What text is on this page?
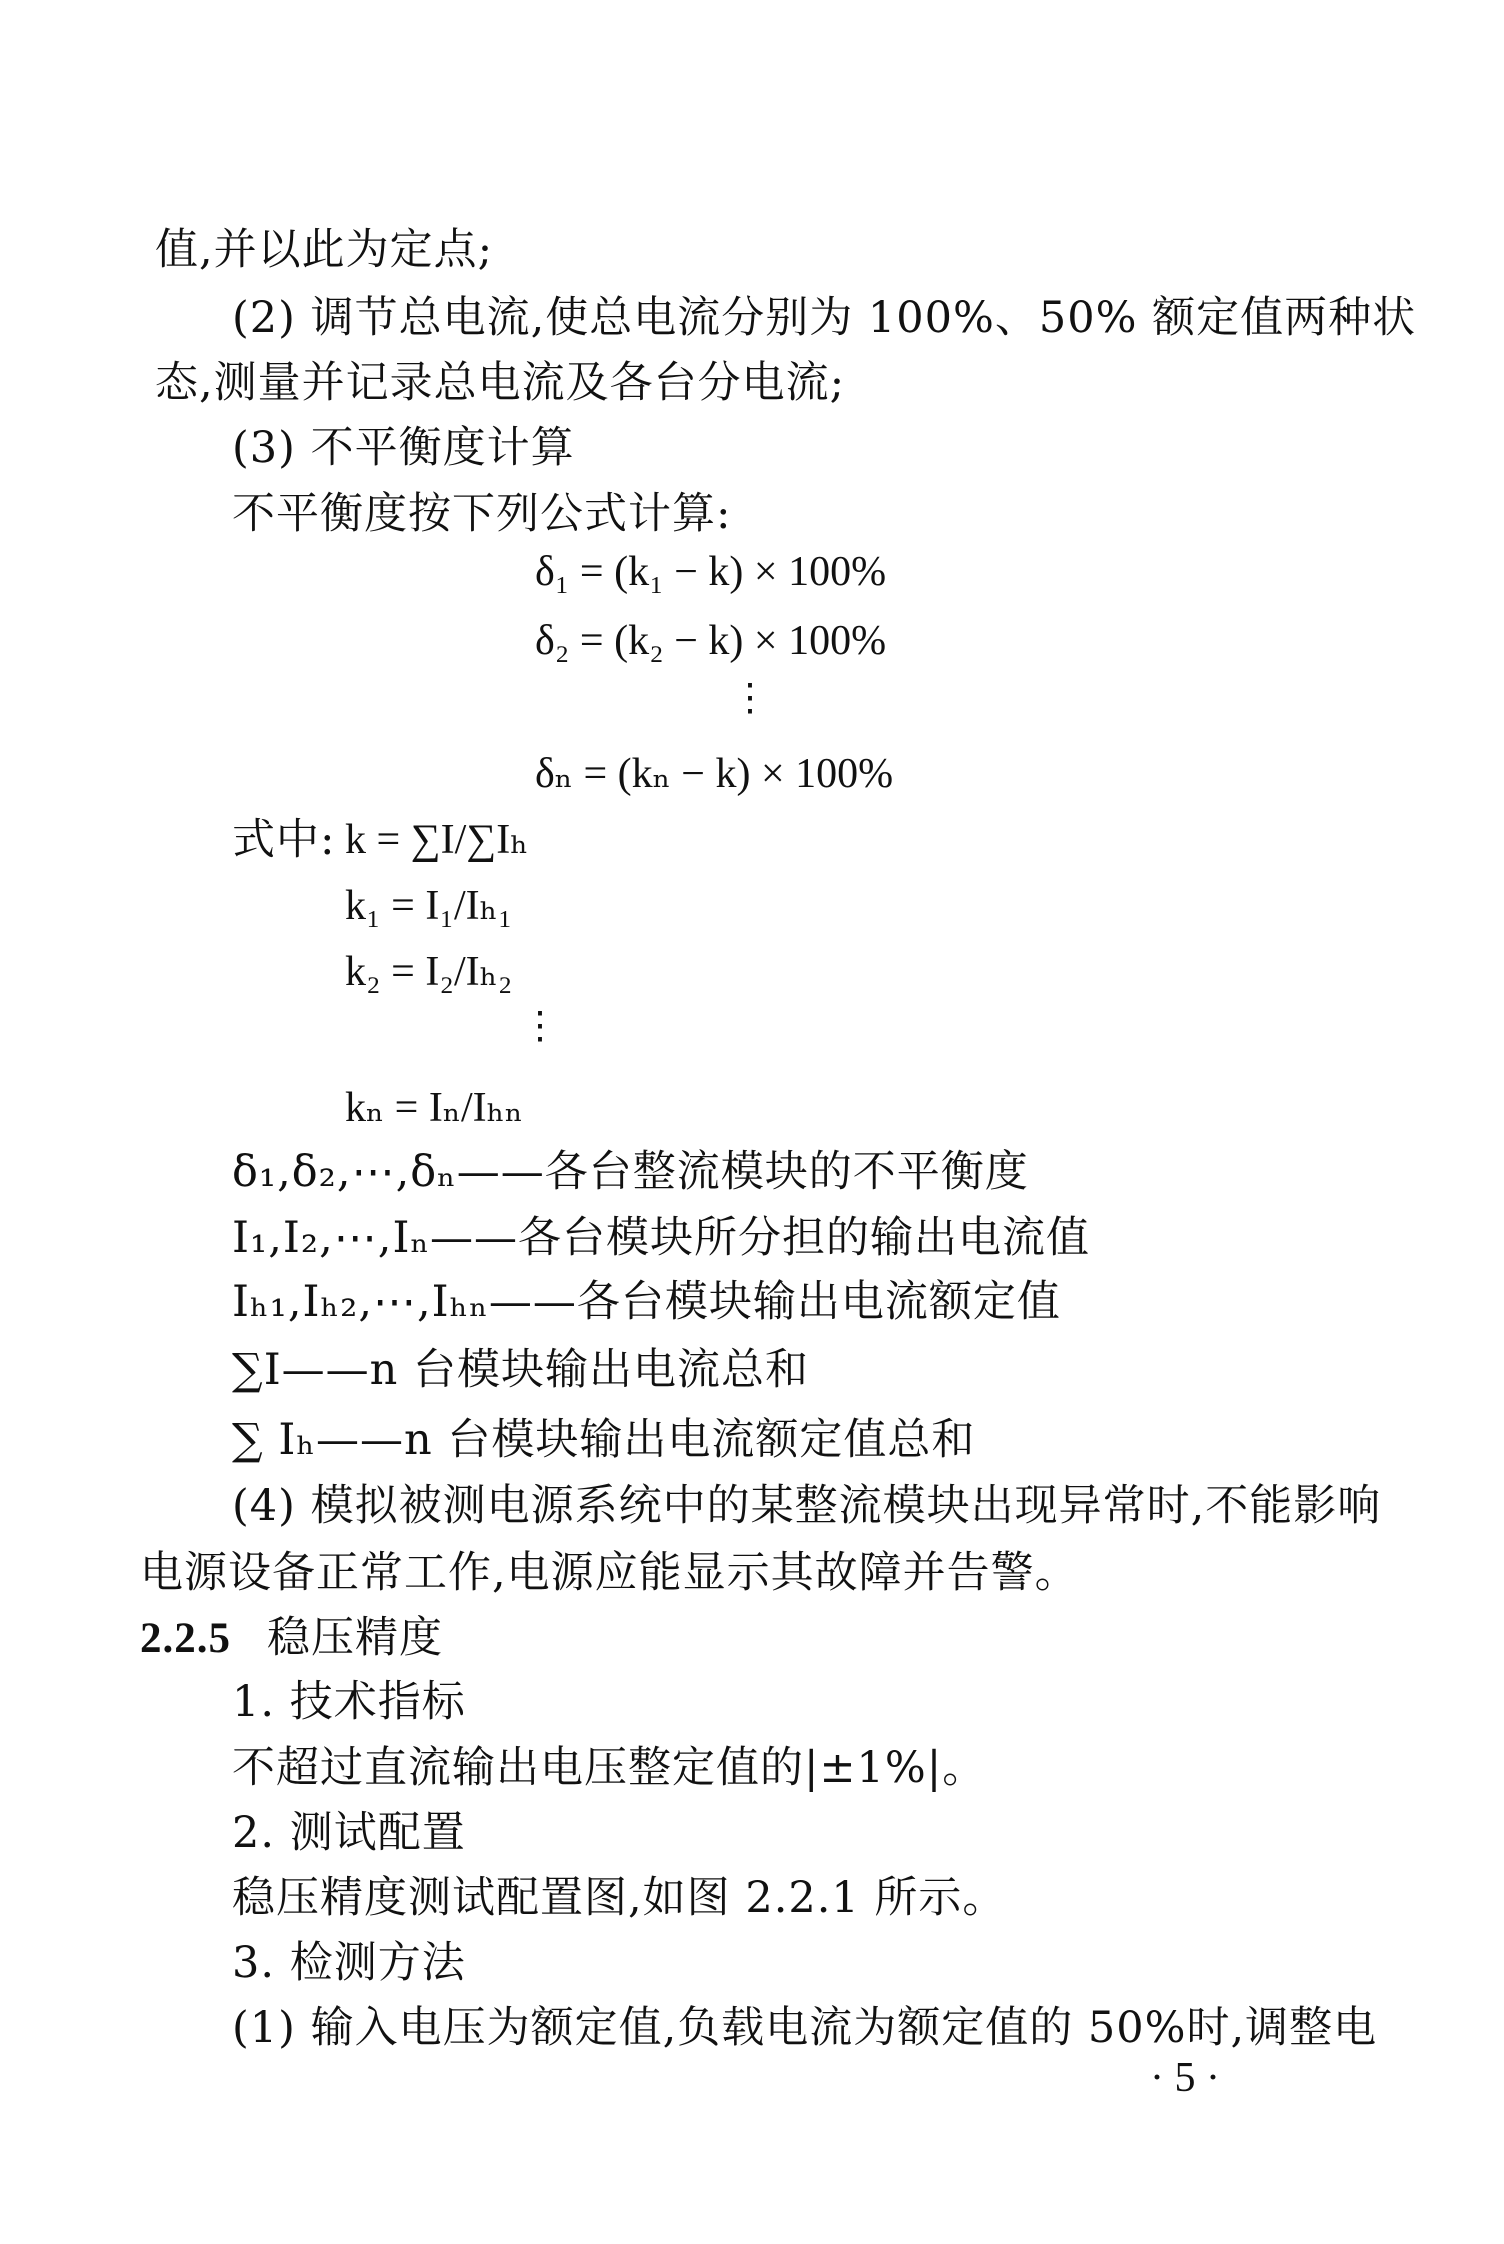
值,并以此为定点;
(2) 调节总电流,使总电流分别为 100%、50% 额定值两种状
态,测量并记录总电流及各台分电流;
(3) 不平衡度计算
不平衡度按下列公式计算:
δ₁ = (k₁ − k) × 100%
δ₂ = (k₂ − k) × 100%
⋮
δₙ = (kₙ − k) × 100%
式中: k = ∑I/∑Iₕ
k₁ = I₁/Iₕ₁
k₂ = I₂/Iₕ₂
⋮
kₙ = Iₙ/Iₕₙ
δ₁,δ₂,⋯,δₙ——各台整流模块的不平衡度
I₁,I₂,⋯,Iₙ——各台模块所分担的输出电流值
Iₕ₁,Iₕ₂,⋯,Iₕₙ——各台模块输出电流额定值
∑I——n 台模块输出电流总和
∑ Iₕ——n 台模块输出电流额定值总和
(4) 模拟被测电源系统中的某整流模块出现异常时,不能影响
电源设备正常工作,电源应能显示其故障并告警。
2.2.5 稳压精度
1. 技术指标
不超过直流输出电压整定值的|±1%|。
2. 测试配置
稳压精度测试配置图,如图 2.2.1 所示。
3. 检测方法
(1) 输入电压为额定值,负载电流为额定值的 50%时,调整电
· 5 ·
